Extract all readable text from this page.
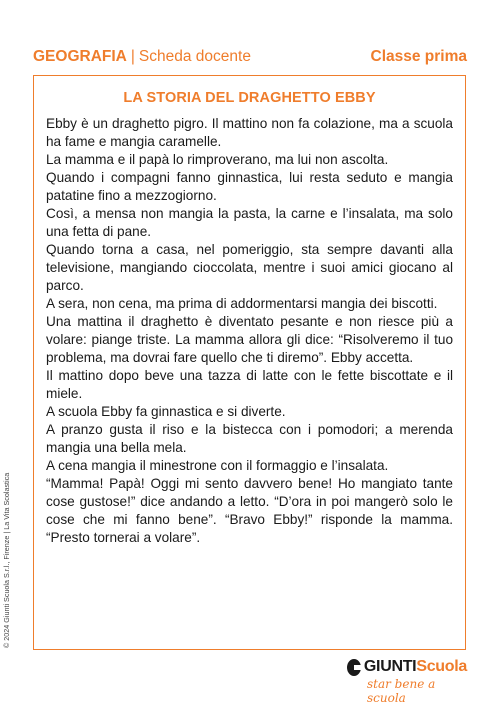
GEOGRAFIA | Scheda docente	Classe prima
LA STORIA DEL DRAGHETTO EBBY

Ebby è un draghetto pigro. Il mattino non fa colazione, ma a scuola ha fame e mangia caramelle.

La mamma e il papà lo rimproverano, ma lui non ascolta.

Quando i compagni fanno ginnastica, lui resta seduto e mangia patatine fino a mezzogiorno.

Così, a mensa non mangia la pasta, la carne e l’insalata, ma solo una fetta di pane.

Quando torna a casa, nel pomeriggio, sta sempre davanti alla televisione, mangiando cioccolata, mentre i suoi amici giocano al parco.

A sera, non cena, ma prima di addormentarsi mangia dei biscotti.

Una mattina il draghetto è diventato pesante e non riesce più a volare: piange triste. La mamma allora gli dice: “Risolveremo il tuo problema, ma dovrai fare quello che ti diremo”. Ebby accetta.

Il mattino dopo beve una tazza di latte con le fette biscottate e il miele.

A scuola Ebby fa ginnastica e si diverte.

A pranzo gusta il riso e la bistecca con i pomodori; a merenda mangia una bella mela.

A cena mangia il minestrone con il formaggio e l’insalata.

“Mamma! Papà! Oggi mi sento davvero bene! Ho mangiato tante cose gustose!” dice andando a letto. “D’ora in poi mangerò solo le cose che mi fanno bene”. “Bravo Ebby!” risponde la mamma. “Presto tornerai a volare”.

© 2024 Giunti Scuola S.r.l., Firenze | La Vita Scolastica
GIUNTI Scuola
star bene a scuola
